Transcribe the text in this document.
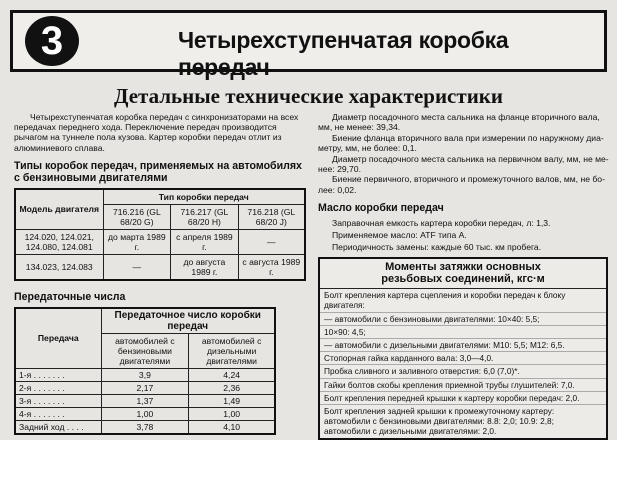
3	Четырехступенчатая коробка передач
Детальные технические характеристики

Четырехступенчатая коробка передач с синхронизаторами на всех передачах переднего хода. Переключение передач производится рычагом на туннеле пола кузова. Картер коробки передач отлит из алюминиевого сплава.

Типы коробок передач, применяемых на автомобилях с бензиновыми двигателями
Модель двигателя	Тип коробки передач		
	716.216 (GL 68/20 G)	716.217 (GL 68/20 H)	716.218 (GL 68/20 J)
124.020, 124.021, 124.080, 124.081	до марта 1989 г.	с апреля 1989 г.	—
134.023, 124.083	—	до августа 1989 г.	с августа 1989 г.
Передаточные числа
Передача	Передаточное число коробки передач	
	автомобилей с бензиновыми двигателями	автомобилей с дизельными двигателями
1-я . . . . . . .	3,9	4,24
2-я . . . . . . .	2,17	2,36
3-я . . . . . . .	1,37	1,49
4-я . . . . . . .	1,00	1,00
Задний ход . . . .	3,78	4,10

Диаметр посадочного места сальника на фланце вторичного вала,

мм, не менее: 39,34.

Биение фланца вторичного вала при измерении по наружному диа-

метру, мм, не более: 0,1.

Диаметр посадочного места сальника на первичном валу, мм, не ме-

нее: 29,70.

Биение первичного, вторичного и промежуточного валов, мм, не бо-

лее: 0,02.

Масло коробки передач

Заправочная емкость картера коробки передач, л: 1,3.

Применяемое масло: ATF типа А.

Периодичность замены: каждые 60 тыс. км пробега.

Моменты затяжки основных
резьбовых соединений, кгс·м
Болт крепления картера сцепления и коробки передач к блоку двигателя:
— автомобили с бензиновыми двигателями: 10×40: 5,5;
10×90: 4,5;
— автомобили с дизельными двигателями: М10: 5,5; М12: 6,5.
Стопорная гайка карданного вала: 3,0—4,0.
Пробка сливного и заливного отверстия: 6,0 (7,0)*.
Гайки болтов скобы крепления приемной трубы глушителей: 7,0.
Болт крепления передней крышки к картеру коробки передач: 2,0.
Болт крепления задней крышки к промежуточному картеру: автомобили с бензиновыми двигателями: 8.8: 2,0; 10.9: 2,8; автомобили с дизельными двигателями: 2,0.
